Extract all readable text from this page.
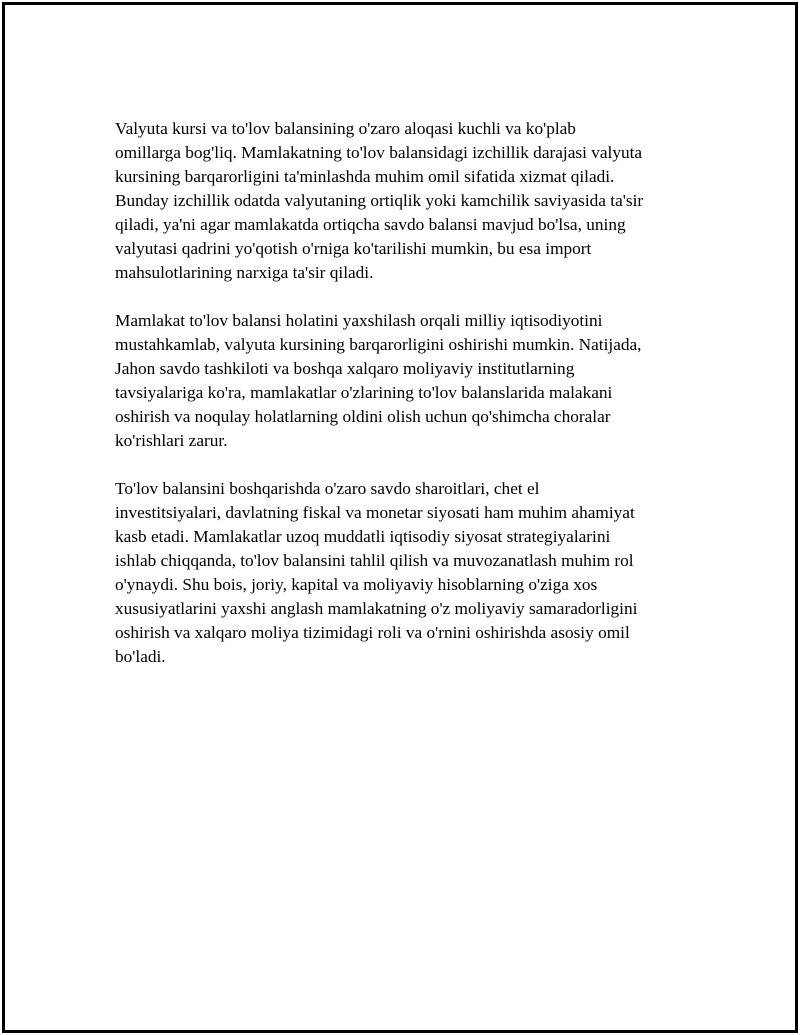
Valyuta kursi va to'lov balansining o'zaro aloqasi kuchli va ko'plab
omillarga bog'liq. Mamlakatning to'lov balansidagi izchillik darajasi valyuta
kursining barqarorligini ta'minlashda muhim omil sifatida xizmat qiladi.
Bunday izchillik odatda valyutaning ortiqlik yoki kamchilik saviyasida ta'sir
qiladi, ya'ni agar mamlakatda ortiqcha savdo balansi mavjud bo'lsa, uning
valyutasi qadrini yo'qotish o'rniga ko'tarilishi mumkin, bu esa import
mahsulotlarining narxiga ta'sir qiladi.

Mamlakat to'lov balansi holatini yaxshilash orqali milliy iqtisodiyotini
mustahkamlab, valyuta kursining barqarorligini oshirishi mumkin. Natijada,
Jahon savdo tashkiloti va boshqa xalqaro moliyaviy institutlarning
tavsiyalariga ko'ra, mamlakatlar o'zlarining to'lov balanslarida malakani
oshirish va noqulay holatlarning oldini olish uchun qo'shimcha choralar
ko'rishlari zarur.

To'lov balansini boshqarishda o'zaro savdo sharoitlari, chet el
investitsiyalari, davlatning fiskal va monetar siyosati ham muhim ahamiyat
kasb etadi. Mamlakatlar uzoq muddatli iqtisodiy siyosat strategiyalarini
ishlab chiqqanda, to'lov balansini tahlil qilish va muvozanatlash muhim rol
o'ynaydi. Shu bois, joriy, kapital va moliyaviy hisoblarning o'ziga xos
xususiyatlarini yaxshi anglash mamlakatning o'z moliyaviy samaradorligini
oshirish va xalqaro moliya tizimidagi roli va o'rnini oshirishda asosiy omil
bo'ladi.
